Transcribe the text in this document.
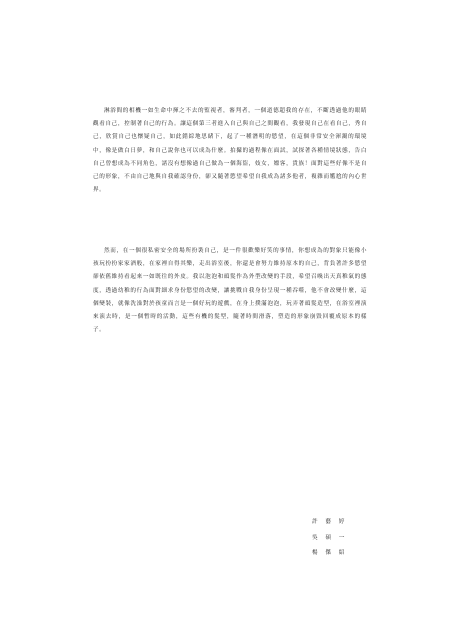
淋浴間的相機一如生命中揮之不去的監視者，審判者，一個道德超我的存在，不斷透過他的眼睛觀看自己，控制著自己的行為。讓這個第三者進入自己與自己之間觀看，我發現自己在看自己，秀自己，欣賞自己也懷疑自己，如此錯綜地思緒下，起了一種潛明的慾望，在這個非常安全渾濁的環境中，像是做白日夢，和自己說你也可以成為什麼。拍攝的過程像在面試，試探著各種情境狀態，告白自己曾想成為不同角色，諸沒有想像過自己做為一個海盜，妓女，嫖客，貴族！面對這些好像不是自己的形象，不由自己地與自我確認身份，卻又隨著慾望希望自我成為諸多他者，複雜而尷尬的內心世界。

然而，在一個很私密安全的場所扮裝自己，是一件很歡樂好笑的事情，你想成為的對象只能像小孩玩扮扮家家酒般，在家裡自得其樂，走出浴室後，你還是會努力維持原本的自己，背負著許多慾望卻依舊維持看起來一如既往的外皮。我以泡泡和頭髮作為外型改變的手段，希望召喚出天真稚氣的態度，透過幼稚的行為面對細求身份慾望的改變，讓挑戰自我身份呈現一種吞噬，他不會改變什麼，這個變裝，就像洗澡對於孩童而言是一個好玩的遊戲，在身上撲滿泡泡，玩弄著頭髮造型，在浴室裡演來演去時，是一個暫時的活動，這些有機的髮型，隨著時間滑落，塑造的形象崩毀回覆成原本的樣子。

許 藝 婷
吳 碩 一
楊 傑 紹
